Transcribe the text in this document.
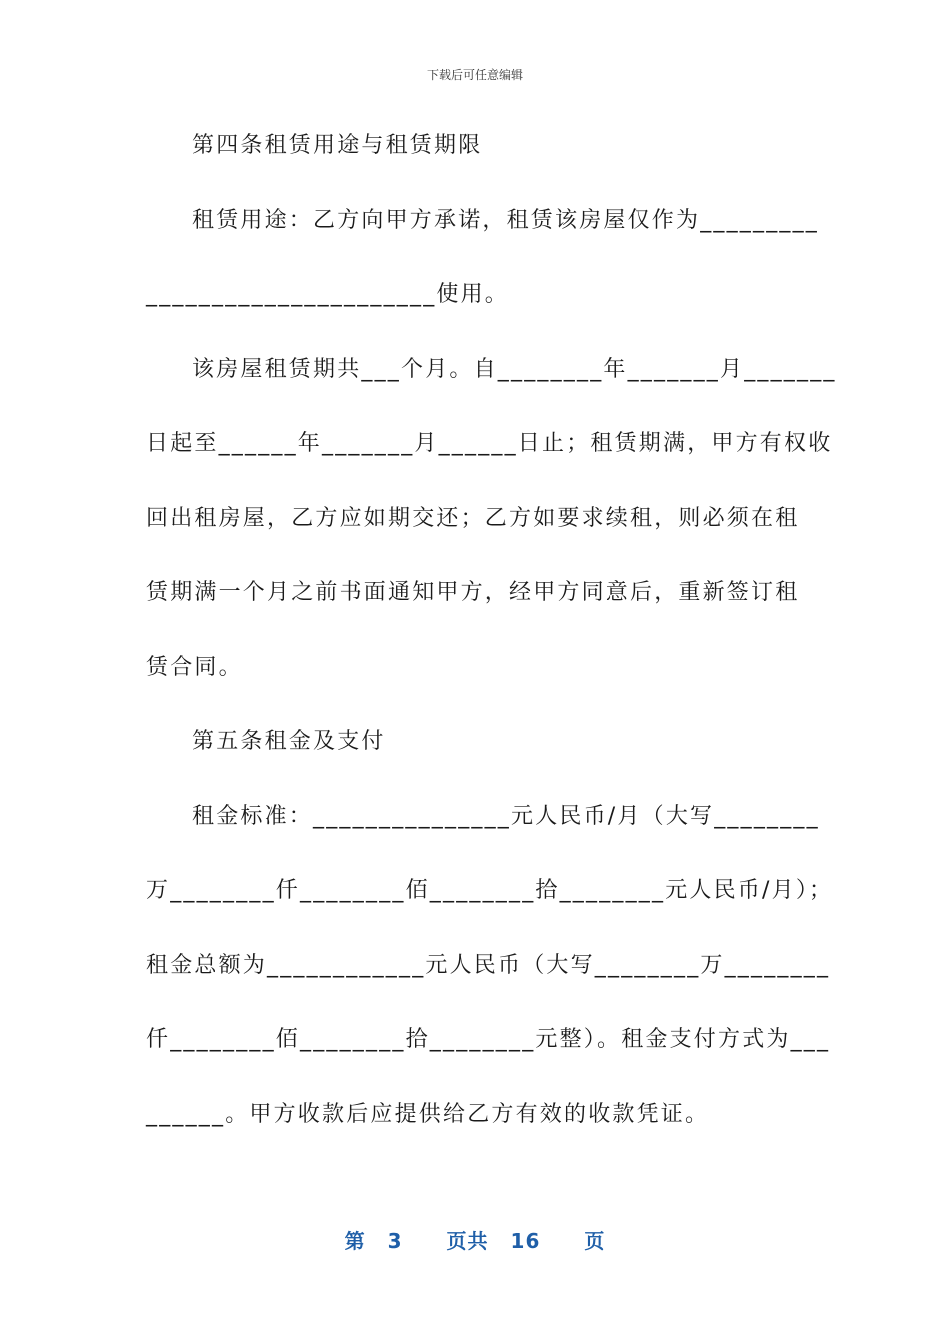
下载后可任意编辑
第四条租赁用途与租赁期限
租赁用途：乙方向甲方承诺，租赁该房屋仅作为_________
______________________使用。
该房屋租赁期共___个月。自________年_______月_______
日起至______年_______月______日止；租赁期满，甲方有权收
回出租房屋，乙方应如期交还；乙方如要求续租，则必须在租
赁期满一个月之前书面通知甲方，经甲方同意后，重新签订租
赁合同。
第五条租金及支付
租金标准：_______________元人民币/月（大写________
万________仟________佰________拾________元人民币/月）；
租金总额为____________元人民币（大写________万________
仟________佰________拾________元整）。租金支付方式为___
______。甲方收款后应提供给乙方有效的收款凭证。
第 3 页共 16 页
